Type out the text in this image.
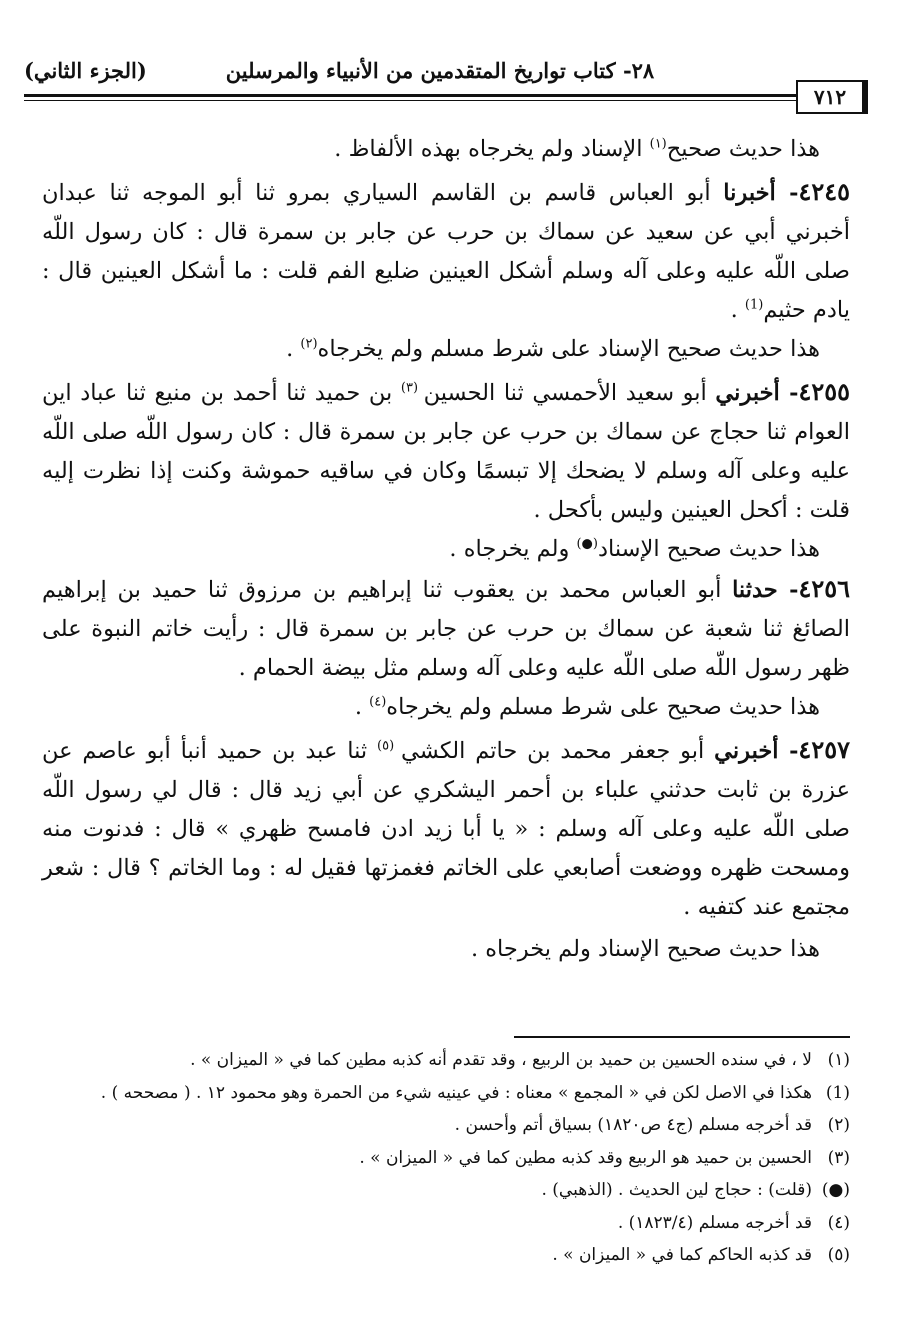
٢٨- كتاب تواريخ المتقدمين من الأنبياء والمرسلين
(الجزء الثاني)
٧١٢

هذا حديث صحيح$^{(١)}$ الإسناد ولم يخرجاه بهذه الألفاظ .

٤٢٤٥- أخبرنا أبو العباس قاسم بن القاسم السياري بمرو ثنا أبو الموجه ثنا عبدان أخبرني أبي عن سعيد عن سماك بن حرب عن جابر بن سمرة قال : كان رسول اللّه صلى اللّه عليه وعلى آله وسلم أشكل العينين ضليع الفم قلت : ما أشكل العينين قال : يادم حثيم$^{(1)}$ .

هذا حديث صحيح الإسناد على شرط مسلم ولم يخرجاه$^{(٢)}$ .

٤٢٥٥- أخبرني أبو سعيد الأحمسي ثنا الحسين $^{(٣)}$ بن حميد ثنا أحمد بن منيع ثنا عباد اين العوام ثنا حجاج عن سماك بن حرب عن جابر بن سمرة قال : كان رسول اللّه صلى اللّه عليه وعلى آله وسلم لا يضحك إلا تبسمًا وكان في ساقيه حموشة وكنت إذا نظرت إليه قلت : أكحل العينين وليس بأكحل .

هذا حديث صحيح الإسناد(●) ولم يخرجاه .

٤٢٥٦- حدثنا أبو العباس محمد بن يعقوب ثنا إبراهيم بن مرزوق ثنا حميد بن إبراهيم الصائغ ثنا شعبة عن سماك بن حرب عن جابر بن سمرة قال : رأيت خاتم النبوة على ظهر رسول اللّه صلى اللّه عليه وعلى آله وسلم مثل بيضة الحمام .

هذا حديث صحيح على شرط مسلم ولم يخرجاه$^{(٤)}$ .

٤٢٥٧- أخبرني أبو جعفر محمد بن حاتم الكشي $^{(٥)}$ ثنا عبد بن حميد أنبأ أبو عاصم عن عزرة بن ثابت حدثني علباء بن أحمر اليشكري عن أبي زيد قال : قال لي رسول اللّه صلى اللّه عليه وعلى آله وسلم : « يا أبا زيد ادن فامسح ظهري » قال : فدنوت منه ومسحت ظهره ووضعت أصابعي على الخاتم فغمزتها فقيل له : وما الخاتم ؟ قال : شعر مجتمع عند كتفيه .

هذا حديث صحيح الإسناد ولم يخرجاه .

(١)لا ، في سنده الحسين بن حميد بن الربيع ، وقد تقدم أنه كذبه مطين كما في « الميزان » .

(1)هكذا في الاصل لكن في « المجمع » معناه : في عينيه شيء من الحمرة وهو محمود ١٢ . ( مصححه ) .

(٢)قد أخرجه مسلم (ج٤ ص١٨٢٠) بسياق أتم وأحسن .

(٣)الحسين بن حميد هو الربيع وقد كذبه مطين كما في « الميزان » .

(●)(قلت) : حجاج لين الحديث . (الذهبي) .

(٤)قد أخرجه مسلم (١٨٢٣/٤) .

(٥)قد كذبه الحاكم كما في « الميزان » .
